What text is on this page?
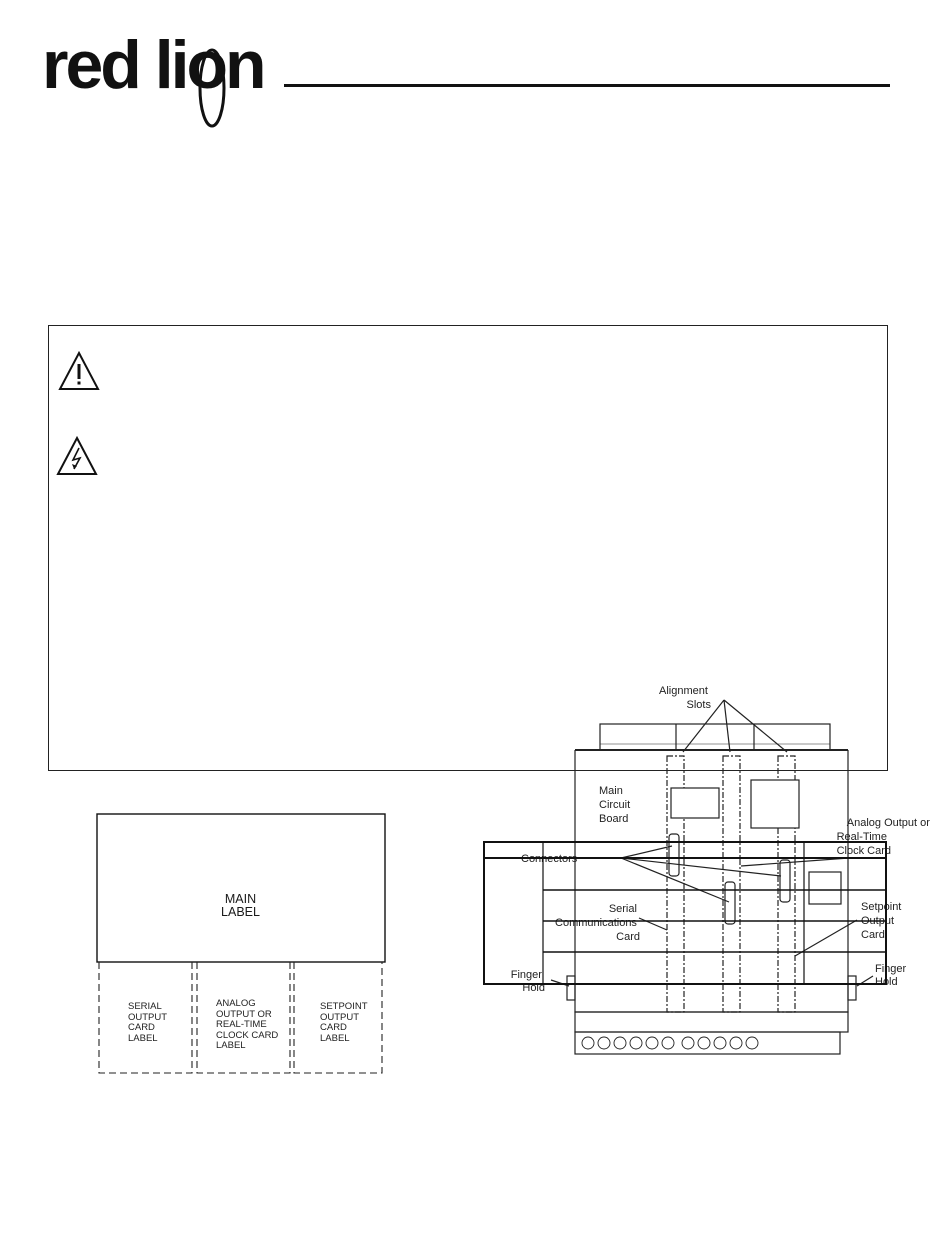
red lion
Alignment Slots
Main Circuit Board	Analog Output or Real-Time Clock Card
Connectors
Serial Communications Card
Setpoint Output Card
Finger Hold
Finger Hold
MAIN
LABEL
SERIAL
OUTPUT
CARD
LABEL
ANALOG
OUTPUT OR
REAL-TIME
CLOCK CARD
LABEL
SETPOINT
OUTPUT
CARD
LABEL
